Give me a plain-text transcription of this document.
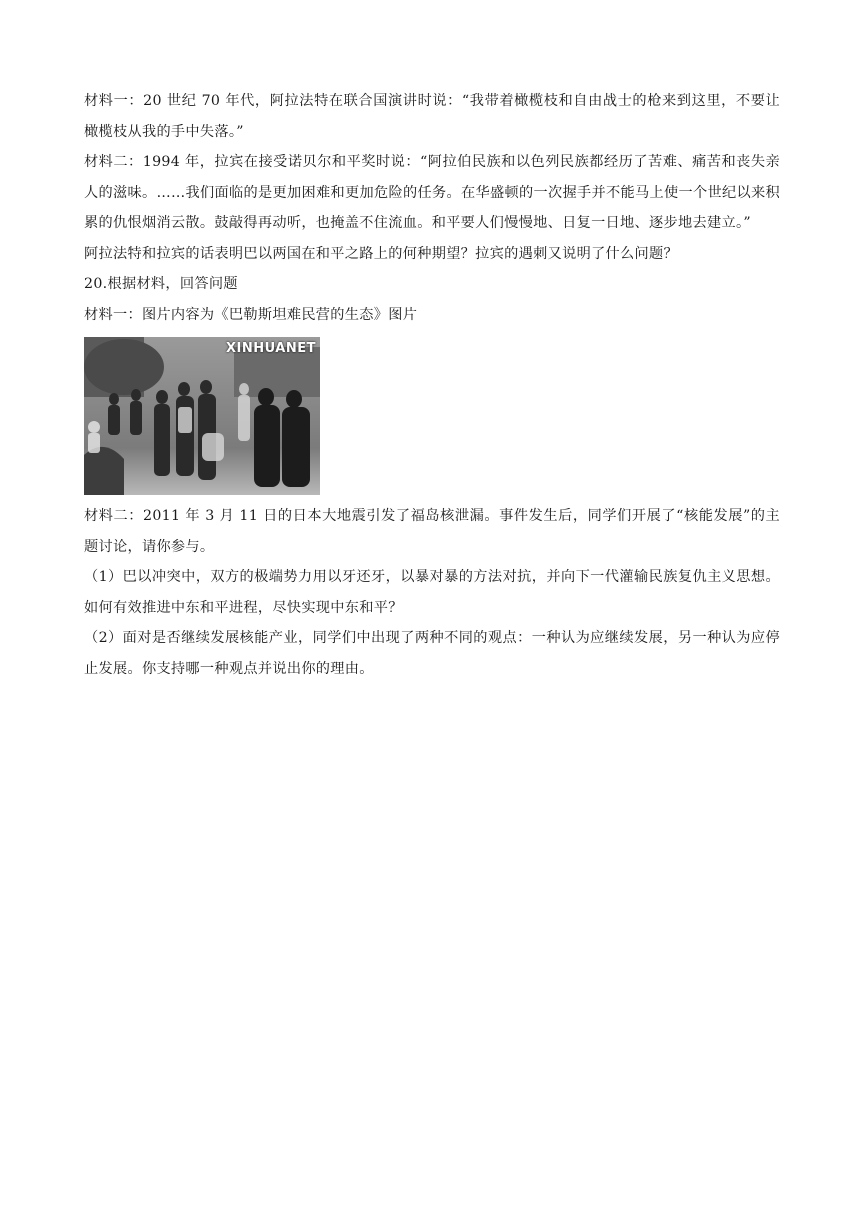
材料一：20 世纪 70 年代，阿拉法特在联合国演讲时说：“我带着橄榄枝和自由战士的枪来到这里，不要让橄榄枝从我的手中失落。”

材料二：1994 年，拉宾在接受诺贝尔和平奖时说：“阿拉伯民族和以色列民族都经历了苦难、痛苦和丧失亲人的滋味。……我们面临的是更加困难和更加危险的任务。在华盛顿的一次握手并不能马上使一个世纪以来积累的仇恨烟消云散。鼓敲得再动听，也掩盖不住流血。和平要人们慢慢地、日复一日地、逐步地去建立。”

阿拉法特和拉宾的话表明巴以两国在和平之路上的何种期望？拉宾的遇刺又说明了什么问题？

20.根据材料，回答问题

材料一：图片内容为《巴勒斯坦难民营的生态》图片

XINHUANET

材料二：2011 年 3 月 11 日的日本大地震引发了福岛核泄漏。事件发生后，同学们开展了“核能发展”的主题讨论，请你参与。

（1）巴以冲突中，双方的极端势力用以牙还牙，以暴对暴的方法对抗，并向下一代灌输民族复仇主义思想。如何有效推进中东和平进程，尽快实现中东和平？

（2）面对是否继续发展核能产业，同学们中出现了两种不同的观点：一种认为应继续发展，另一种认为应停止发展。你支持哪一种观点并说出你的理由。
